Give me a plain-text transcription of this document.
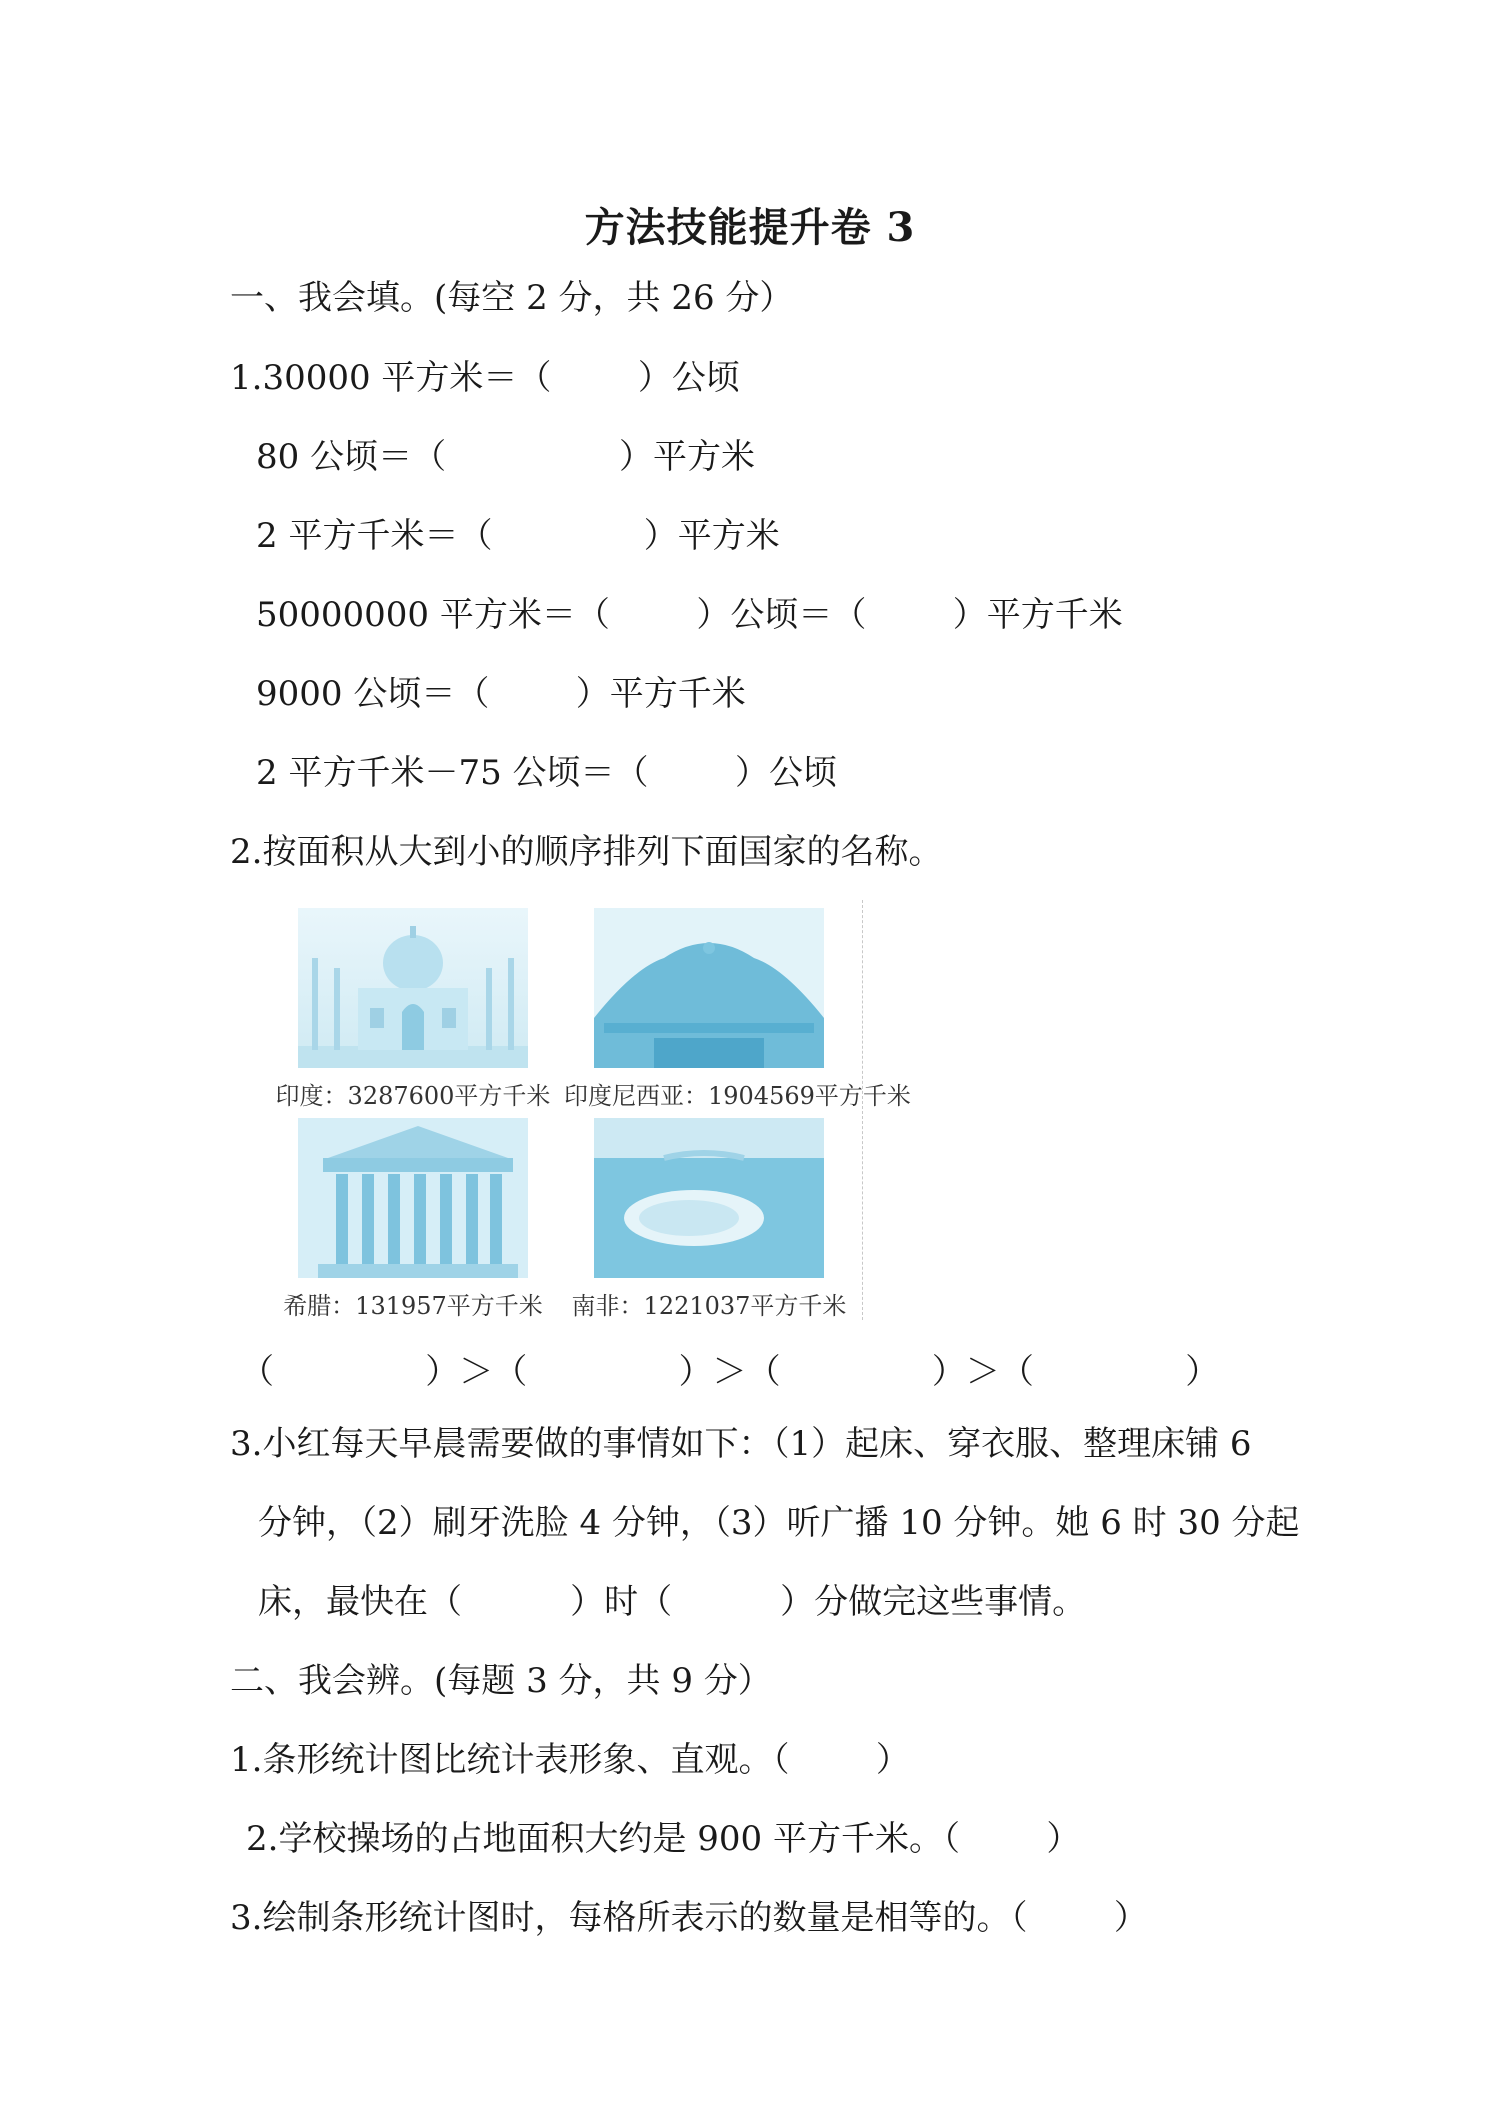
方法技能提升卷 3
一、我会填。(每空 2 分，共 26 分）
1.30000 平方米＝（        ）公顷
80 公顷＝（                ）平方米
2 平方千米＝（              ）平方米
50000000 平方米＝（        ）公顷＝（        ）平方千米
9000 公顷＝（        ）平方千米
2 平方千米－75 公顷＝（        ）公顷
2.按面积从大到小的顺序排列下面国家的名称。
印度：3287600平方千米 印度尼西亚：1904569平方千米
希腊：131957平方千米	南非：1221037平方千米
（              ）＞（              ）＞（              ）＞（              ）
3.小红每天早晨需要做的事情如下：（1）起床、穿衣服、整理床铺 6
分钟，（2）刷牙洗脸 4 分钟，（3）听广播 10 分钟。她 6 时 30 分起
床，最快在（          ）时（          ）分做完这些事情。
二、我会辨。(每题 3 分，共 9 分）
1.条形统计图比统计表形象、直观。（        ）
2.学校操场的占地面积大约是 900 平方千米。（        ）
3.绘制条形统计图时，每格所表示的数量是相等的。（        ）
